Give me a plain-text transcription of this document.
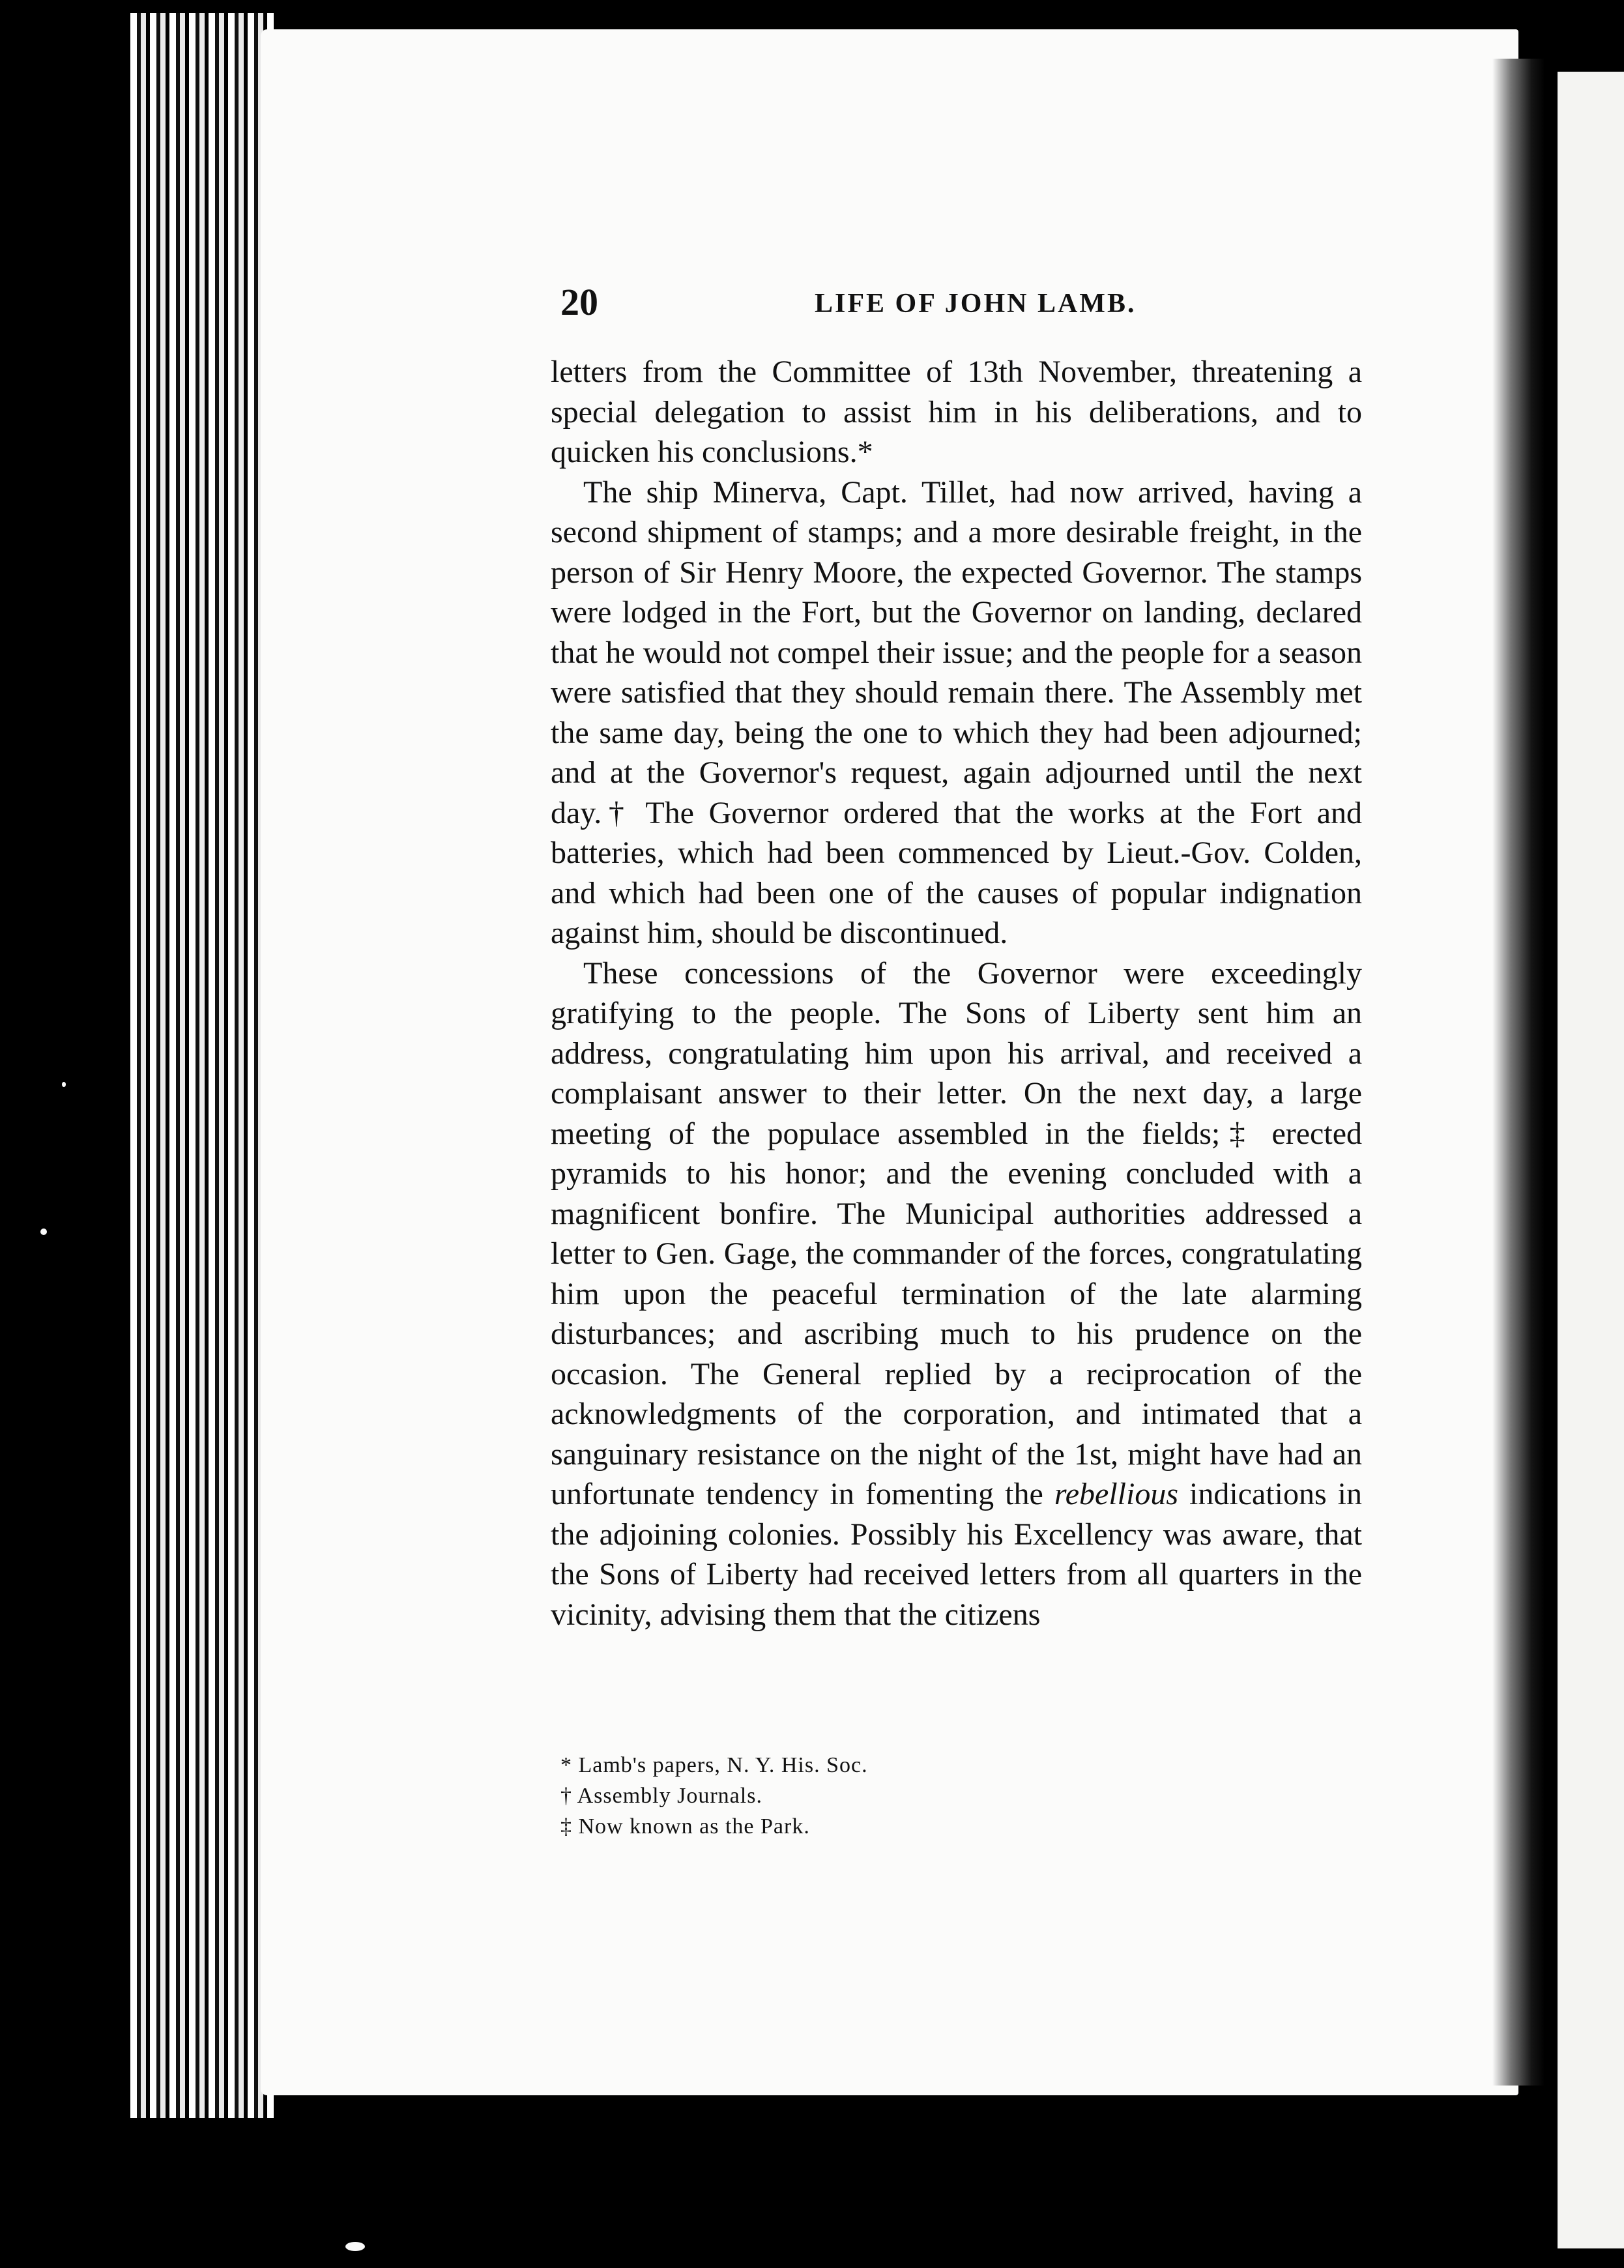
20	LIFE OF JOHN LAMB.

letters from the Committee of 13th November, threatening a special delegation to assist him in his deliberations, and to quicken his conclusions.*

The ship Minerva, Capt. Tillet, had now arrived, having a second shipment of stamps; and a more desirable freight, in the person of Sir Henry Moore, the expected Governor. The stamps were lodged in the Fort, but the Governor on landing, declared that he would not compel their issue; and the people for a season were satisfied that they should remain there. The Assembly met the same day, being the one to which they had been adjourned; and at the Governor's request, again adjourned until the next day.† The Governor ordered that the works at the Fort and batteries, which had been commenced by Lieut.-Gov. Colden, and which had been one of the causes of popular indignation against him, should be discontinued.

These concessions of the Governor were exceedingly gratifying to the people. The Sons of Liberty sent him an address, congratulating him upon his arrival, and received a complaisant answer to their letter. On the next day, a large meeting of the populace assembled in the fields;‡ erected pyramids to his honor; and the evening concluded with a magnificent bonfire. The Municipal authorities addressed a letter to Gen. Gage, the commander of the forces, congratulating him upon the peaceful termination of the late alarming disturbances; and ascribing much to his prudence on the occasion. The General replied by a reciprocation of the acknowledgments of the corporation, and intimated that a sanguinary resistance on the night of the 1st, might have had an unfortunate tendency in fomenting the rebellious indications in the adjoining colonies. Possibly his Excellency was aware, that the Sons of Liberty had received letters from all quarters in the vicinity, advising them that the citizens

* Lamb's papers, N. Y. His. Soc.
† Assembly Journals.
‡ Now known as the Park.
